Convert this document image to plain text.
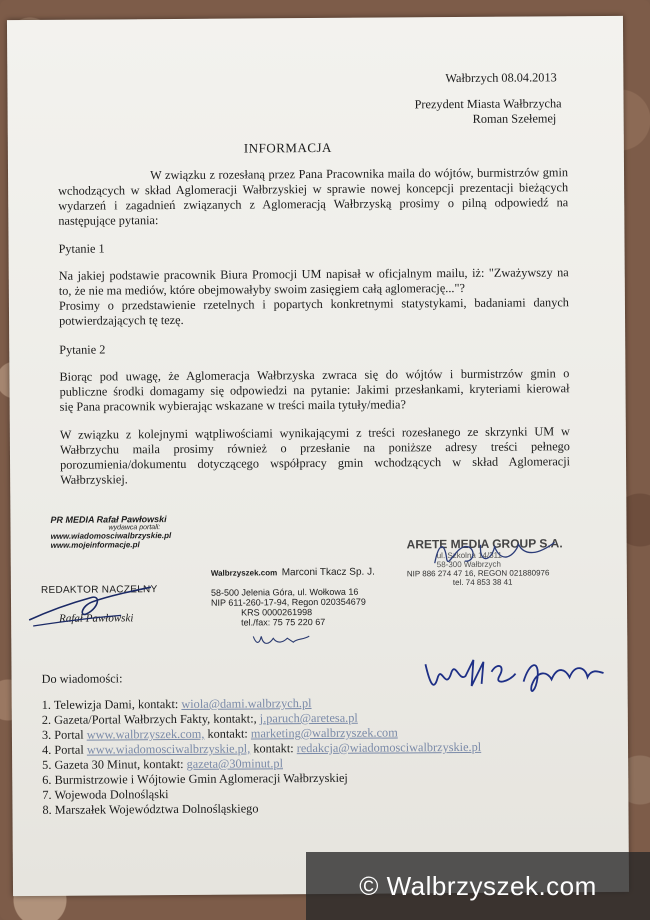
Wałbrzych 08.04.2013
Prezydent Miasta Wałbrzycha
Roman Szełemej
INFORMACJA
W związku z rozesłaną przez Pana Pracownika maila do wójtów, burmistrzów gmin
wchodzących w skład Aglomeracji Wałbrzyskiej w sprawie nowej koncepcji prezentacji bieżących
wydarzeń i zagadnień związanych z Aglomeracją Wałbrzyską prosimy o pilną odpowiedź na
następujące pytania:
Pytanie 1
Na jakiej podstawie pracownik Biura Promocji UM napisał w oficjalnym mailu, iż: "Zważywszy na
to, że nie ma mediów, które obejmowałyby swoim zasięgiem całą aglomerację..."?
Prosimy o przedstawienie rzetelnych i popartych konkretnymi statystykami, badaniami danych
potwierdzających tę tezę.
Pytanie 2
Biorąc pod uwagę, że Aglomeracja Wałbrzyska zwraca się do wójtów i burmistrzów gmin o
publiczne środki domagamy się odpowiedzi na pytanie: Jakimi przesłankami, kryteriami kierował
się Pana pracownik wybierając wskazane w treści maila tytuły/media?
W związku z kolejnymi wątpliwościami wynikającymi z treści rozesłanego ze skrzynki UM w
Wałbrzychu maila prosimy również o przesłanie na poniższe adresy treści pełnego
porozumienia/dokumentu dotyczącego współpracy gmin wchodzących w skład Aglomeracji
Wałbrzyskiej.
PR MEDIA Rafał Pawłowski
wydawca portali:
www.wiadomosciwalbrzyskie.pl
www.mojeinformacje.pl
REDAKTOR NACZELNY
Rafał Pawłowski
Walbrzyszek.com Marconi Tkacz Sp. J.
58-500 Jelenia Góra, ul. Wołkowa 16
NIP 611-260-17-94, Regon 020354679
KRS 0000261998
tel./fax: 75 75 220 67
ARETE MEDIA GROUP S.A.
ul. Szkolna 14/311
58-300 Wałbrzych
NIP 886 274 47 16, REGON 021880976
tel. 74 853 38 41
Do wiadomości:
1. Telewizja Dami, kontakt: wiola@dami.walbrzych.pl
2. Gazeta/Portal Wałbrzych Fakty, kontakt:, j.paruch@aretesa.pl
3. Portal www.walbrzyszek.com, kontakt: marketing@walbrzyszek.com
4. Portal www.wiadomosciwalbrzyskie.pl, kontakt: redakcja@wiadomosciwalbrzyskie.pl
5. Gazeta 30 Minut, kontakt: gazeta@30minut.pl
6. Burmistrzowie i Wójtowie Gmin Aglomeracji Wałbrzyskiej
7. Wojewoda Dolnośląski
8. Marszałek Województwa Dolnośląskiego
© Walbrzyszek.com
